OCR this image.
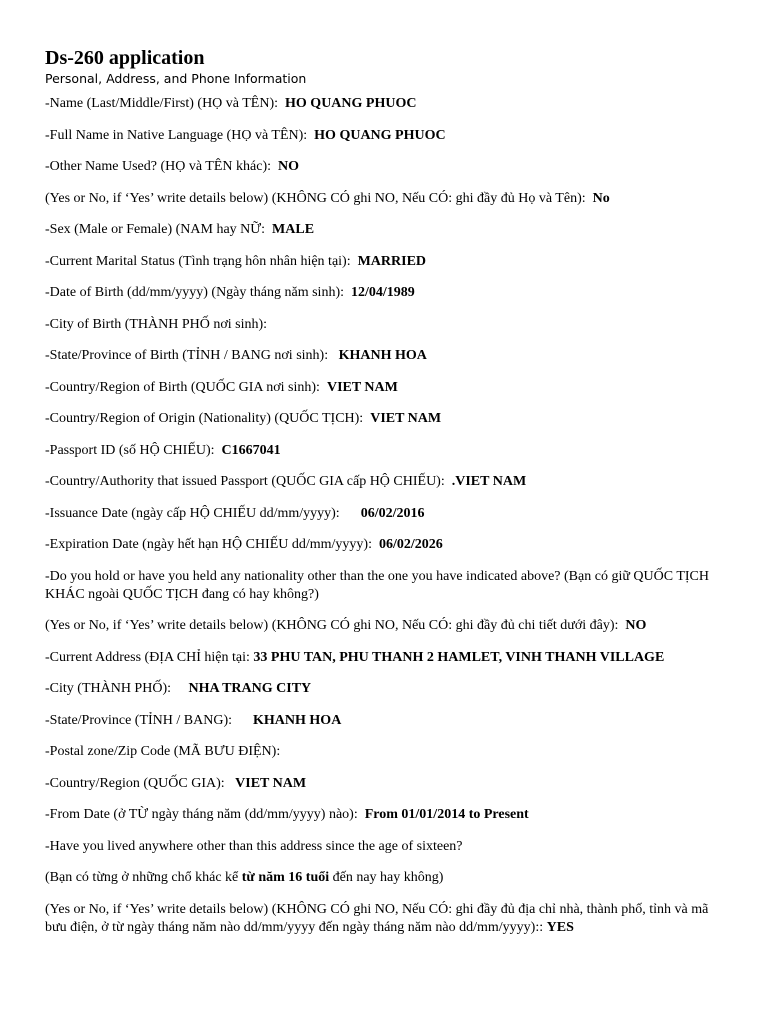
Ds-260 application
Personal, Address, and Phone Information

-Name (Last/Middle/First) (HỌ và TÊN): HO QUANG PHUOC

-Full Name in Native Language (HỌ và TÊN): HO QUANG PHUOC

-Other Name Used? (HỌ và TÊN khác): NO

(Yes or No, if ‘Yes’ write details below) (KHÔNG CÓ ghi NO, Nếu CÓ: ghi đầy đủ Họ và Tên): No

-Sex (Male or Female) (NAM hay NỮ: MALE

-Current Marital Status (Tình trạng hôn nhân hiện tại): MARRIED

-Date of Birth (dd/mm/yyyy) (Ngày tháng năm sinh): 12/04/1989

-City of Birth (THÀNH PHỐ nơi sinh):

-State/Province of Birth (TỈNH / BANG nơi sinh): KHANH HOA

-Country/Region of Birth (QUỐC GIA nơi sinh): VIET NAM

-Country/Region of Origin (Nationality) (QUỐC TỊCH): VIET NAM

-Passport ID (số HỘ CHIẾU): C1667041

-Country/Authority that issued Passport (QUỐC GIA cấp HỘ CHIẾU): .VIET NAM

-Issuance Date (ngày cấp HỘ CHIẾU dd/mm/yyyy): 06/02/2016

-Expiration Date (ngày hết hạn HỘ CHIẾU dd/mm/yyyy): 06/02/2026

-Do you hold or have you held any nationality other than the one you have indicated above? (Bạn có giữ QUỐC TỊCH KHÁC ngoài QUỐC TỊCH đang có hay không?)

(Yes or No, if ‘Yes’ write details below) (KHÔNG CÓ ghi NO, Nếu CÓ: ghi đầy đủ chi tiết dưới đây): NO

-Current Address (ĐỊA CHỈ hiện tại: 33 PHU TAN, PHU THANH 2 HAMLET, VINH THANH VILLAGE

-City (THÀNH PHỐ): NHA TRANG CITY

-State/Province (TỈNH / BANG): KHANH HOA

-Postal zone/Zip Code (MÃ BƯU ĐIỆN):

-Country/Region (QUỐC GIA): VIET NAM

-From Date (ở TỪ ngày tháng năm (dd/mm/yyyy) nào): From 01/01/2014 to Present

-Have you lived anywhere other than this address since the age of sixteen?

(Bạn có từng ở những chổ khác kể từ năm 16 tuổi đến nay hay không)

(Yes or No, if ‘Yes’ write details below) (KHÔNG CÓ ghi NO, Nếu CÓ: ghi đầy đủ địa chỉ nhà, thành phố, tỉnh và mã bưu điện, ở từ ngày tháng năm nào dd/mm/yyyy đến ngày tháng năm nào dd/mm/yyyy):: YES
